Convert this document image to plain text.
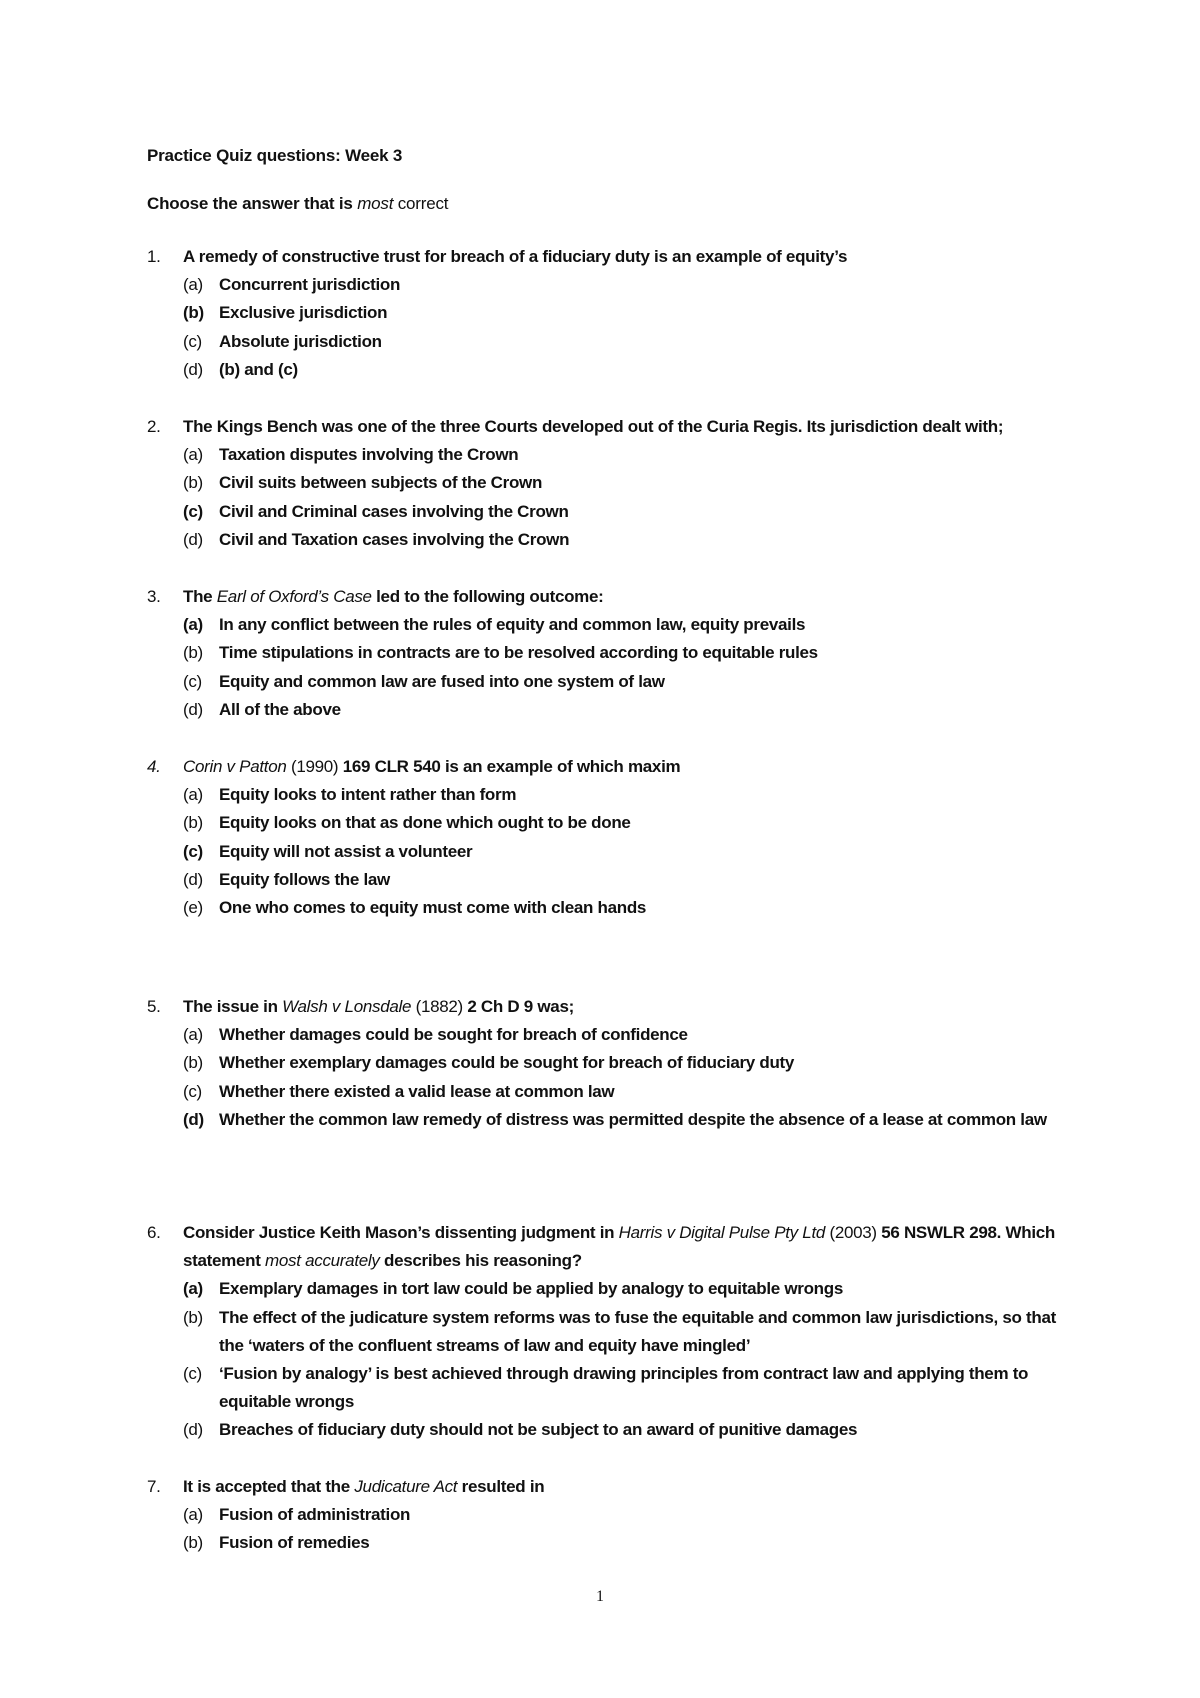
Practice Quiz questions: Week 3
Choose the answer that is most correct
1.	A remedy of constructive trust for breach of a fiduciary duty is an example of equity’s
(a) Concurrent jurisdiction
(b) Exclusive jurisdiction
(c)	Absolute jurisdiction
(d) (b) and (c)
2.	The Kings Bench was one of the three Courts developed out of the Curia Regis. Its jurisdiction dealt with;
(a) Taxation disputes involving the Crown
(b) Civil suits between subjects of the Crown
(c) Civil and Criminal cases involving the Crown
(d) Civil and Taxation cases involving the Crown
3.	The Earl of Oxford’s Case led to the following outcome:
(a) In any conflict between the rules of equity and common law, equity prevails
(b) Time stipulations in contracts are to be resolved according to equitable rules
(c)	Equity and common law are fused into one system of law
(d) All of the above
4.	Corin v Patton (1990) 169 CLR 540 is an example of which maxim
(a) Equity looks to intent rather than form
(b) Equity looks on that as done which ought to be done
(c) Equity will not assist a volunteer
(d) Equity follows the law
(e) One who comes to equity must come with clean hands
5.	The issue in Walsh v Lonsdale (1882) 2 Ch D 9 was;
(a) Whether damages could be sought for breach of confidence
(b) Whether exemplary damages could be sought for breach of fiduciary duty
(c)	Whether there existed a valid lease at common law
(d) Whether the common law remedy of distress was permitted despite the absence of a lease at common law
6.	Consider Justice Keith Mason’s dissenting judgment in Harris v Digital Pulse Pty Ltd (2003) 56 NSWLR 298. Which statement most accurately describes his reasoning?
(a) Exemplary damages in tort law could be applied by analogy to equitable wrongs
(b) The effect of the judicature system reforms was to fuse the equitable and common law jurisdictions, so that the ‘waters of the confluent streams of law and equity have mingled’
(c)	‘Fusion by analogy’ is best achieved through drawing principles from contract law and applying them to equitable wrongs
(d) Breaches of fiduciary duty should not be subject to an award of punitive damages
7.	It is accepted that the Judicature Act resulted in
(a) Fusion of administration
(b) Fusion of remedies
1
